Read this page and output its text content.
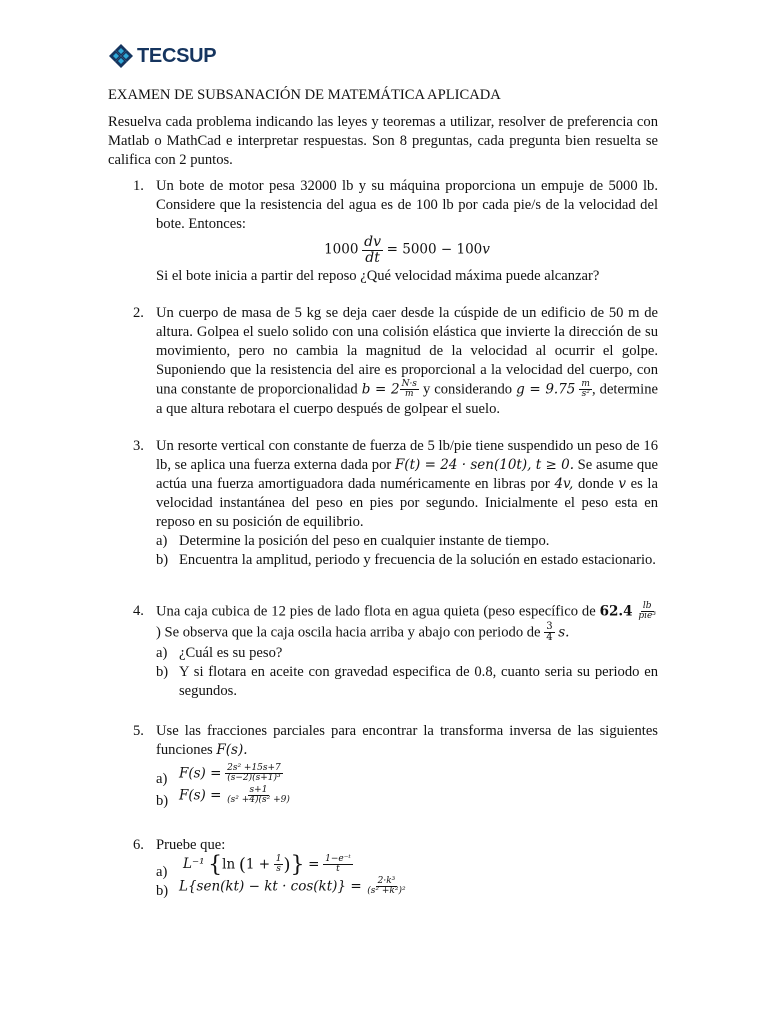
TECSUP
EXAMEN DE SUBSANACIÓN DE MATEMÁTICA APLICADA
Resuelva cada problema indicando las leyes y teoremas a utilizar, resolver de preferencia con Matlab o MathCad e interpretar respuestas. Son 8 preguntas, cada pregunta bien resuelta se califica con 2 puntos.
1. Un bote de motor pesa 32000 lb y su máquina proporciona un empuje de 5000 lb. Considere que la resistencia del agua es de 100 lb por cada pie/s de la velocidad del bote. Entonces:
$1000 \frac{dv}{dt} = 5000 - 100v$
Si el bote inicia a partir del reposo ¿Qué velocidad máxima puede alcanzar?
2. Un cuerpo de masa de 5 kg se deja caer desde la cúspide de un edificio de 50 m de altura. Golpea el suelo solido con una colisión elástica que invierte la dirección de su movimiento, pero no cambia la magnitud de la velocidad al ocurrir el golpe. Suponiendo que la resistencia del aire es proporcional a la velocidad del cuerpo, con una constante de proporcionalidad $b = 2 \frac{N\cdot s}{m}$ y considerando $g = 9.75 \frac{m}{\text{s²}}$ , determine a que altura rebotara el cuerpo después de golpear el suelo.
3. Un resorte vertical con constante de fuerza de 5 lb/pie tiene suspendido un peso de 16 lb, se aplica una fuerza externa dada por F(t) = 24 · sen(10t), t ≥ 0. Se asume que actúa una fuerza amortiguadora dada numéricamente en libras por 4v, donde v es la velocidad instantánea del peso en pies por segundo. Inicialmente el peso esta en reposo en su posición de equilibrio.
a) Determine la posición del peso en cualquier instante de tiempo.
b) Encuentra la amplitud, periodo y frecuencia de la solución en estado estacionario.
4. Una caja cubica de 12 pies de lado flota en agua quieta (peso específico de $62.4 \frac{lb}{\text{pie³}}$
) Se observa que la caja oscila hacia arriba y abajo con periodo de $\frac{3}{4} s$.
a) ¿Cuál es su peso?
b) Y si flotara en aceite con gravedad especifica de 0.8, cuanto seria su periodo en segundos.
5. Use las fracciones parciales para encontrar la transforma inversa de las siguientes funciones F(s).
a) $F(s) = \frac{\text{2s² +15s+7}}{\text{(s−2)(s+1)³}}$
b) $F(s) = \frac{s+1}{\text{(s² +4)(s² +9)}}$
6. Pruebe que:
a) L⁻¹ {ln ($1 + \frac{1}{s}$ )} = $\frac{\text{1−e⁻ᵗ}}{t}$
b) L{sen(kt) − kt · $\cos(kt)\} = \frac{\text{2·k³}}{\text{(s² +k²)²}}$
